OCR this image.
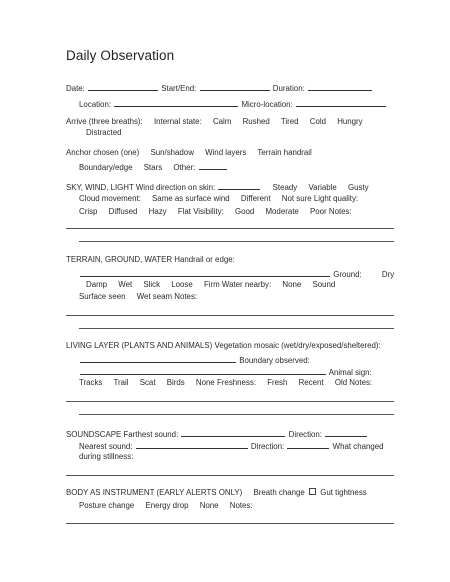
Daily Observation
Date:	Start/End:	Duration:
Location:	Micro-location:
Arrive (three breaths): Internal state: Calm Rushed Tired Cold Hungry
Distracted
Anchor chosen (one) Sun/shadow Wind layers Terrain handrail
Boundary/edge Stars Other:
SKY, WIND, LIGHT Wind direction on skin:	Steady Variable Gusty
Cloud movement: Same as surface wind Different Not sure Light quality:
Crisp Diffused Hazy Flat Visibility: Good Moderate Poor Notes:
TERRAIN, GROUND, WATER Handrail or edge:
Ground:	Dry
Damp Wet Slick Loose Firm Water nearby: None Sound
Surface seen Wet seam Notes:
LIVING LAYER (PLANTS AND ANIMALS) Vegetation mosaic (wet/dry/exposed/sheltered):
Boundary observed:
Animal sign:
Tracks Trail Scat Birds None Freshness: Fresh Recent Old Notes:
SOUNDSCAPE Farthest sound:	Direction:
Nearest sound:	Direction:	What changed
during stillness:
BODY AS INSTRUMENT (EARLY ALERTS ONLY) Breath change Gut tightness
Posture change Energy drop None Notes:
